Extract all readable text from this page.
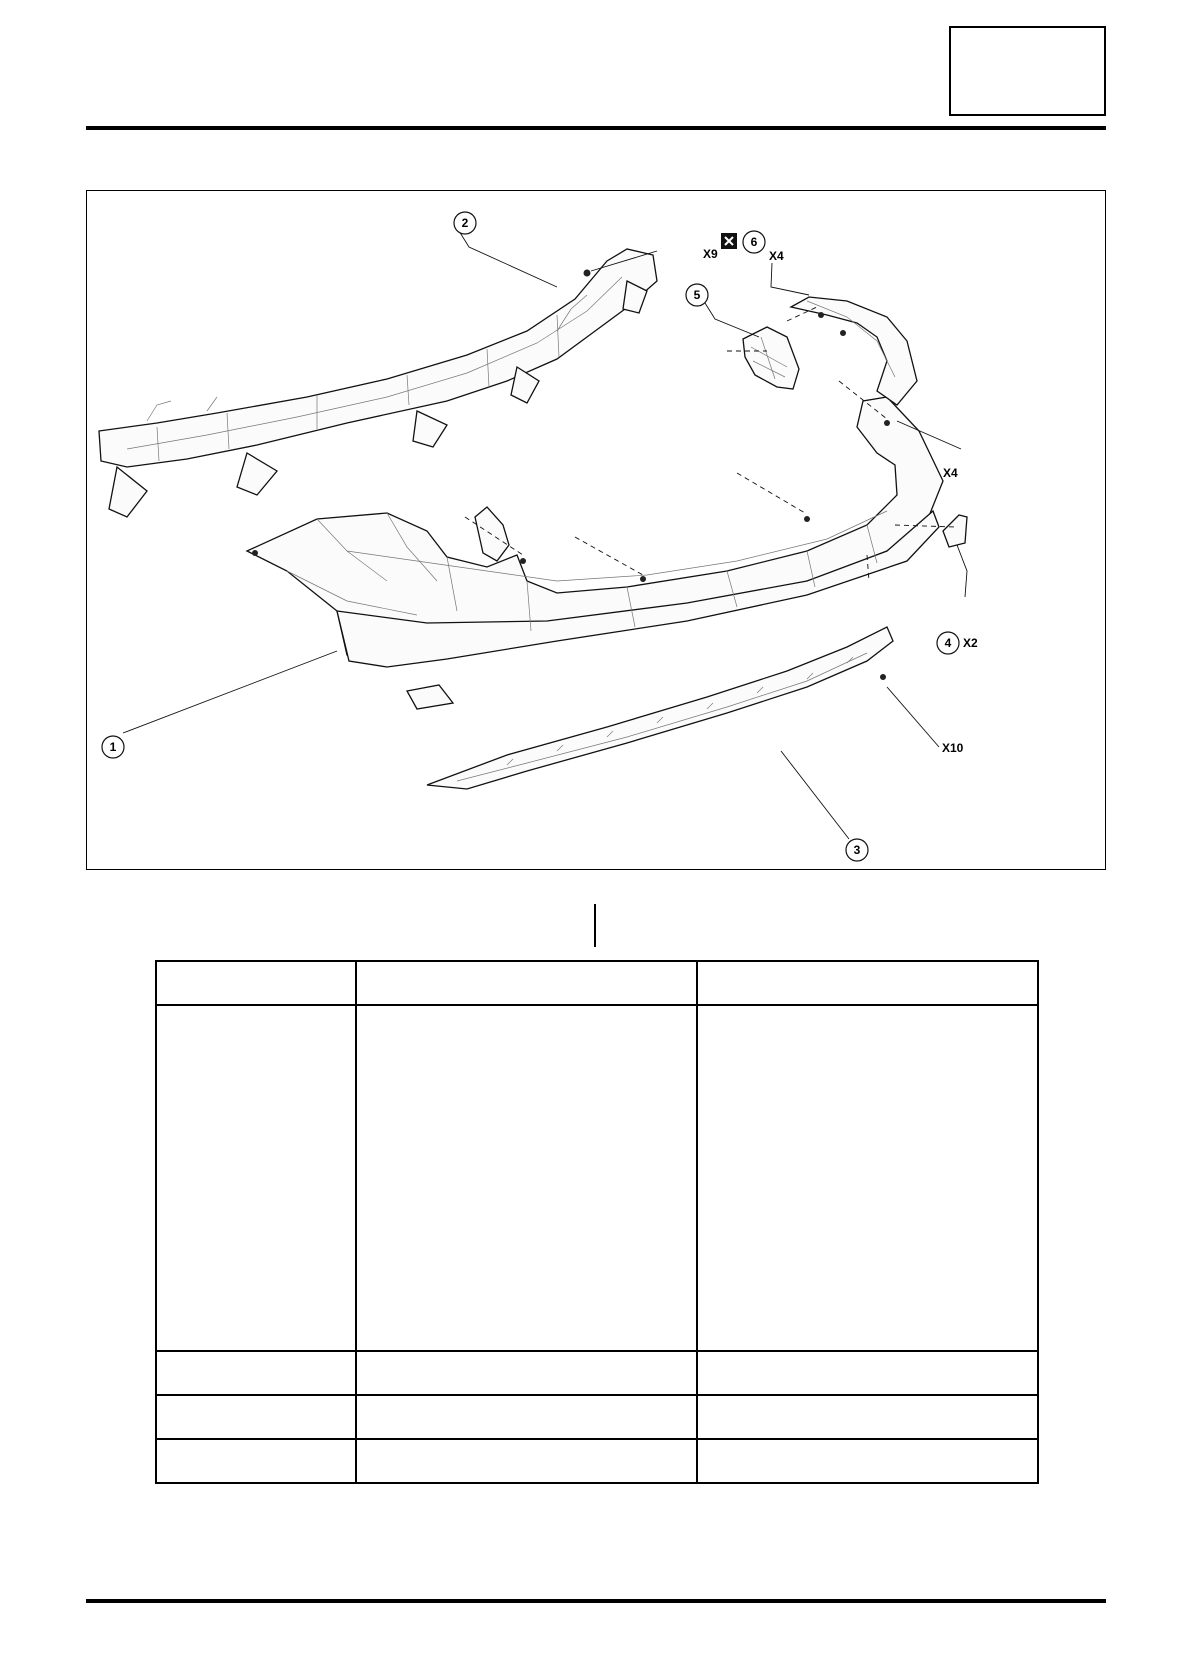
1
2
3
4
5
6
X9	X4
X4
X2
X10
